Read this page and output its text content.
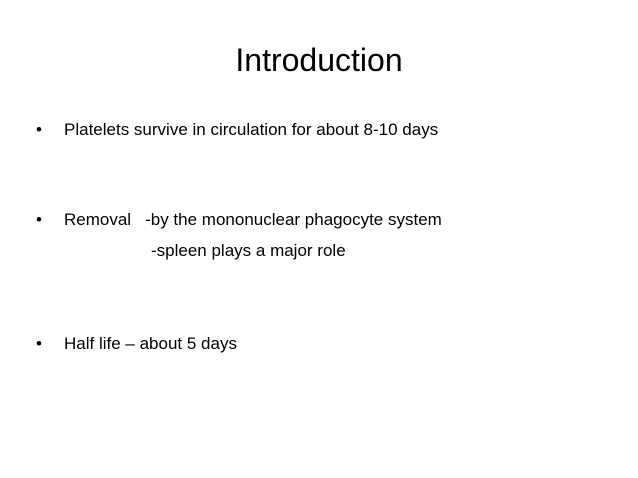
Introduction
• Platelets survive in circulation for about 8-10 days
• Removal -by the mononuclear phagocyte system
-spleen plays a major role
• Half life – about 5 days
